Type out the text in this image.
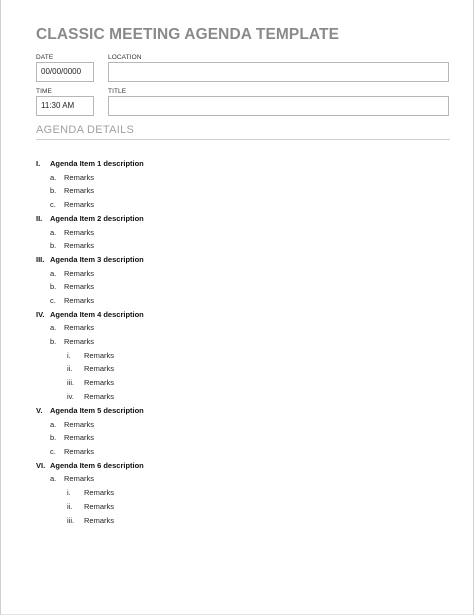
CLASSIC MEETING AGENDA TEMPLATE
DATE
00/00/0000
LOCATION
TIME
11:30 AM
TITLE
AGENDA DETAILS
I. Agenda Item 1 description
a. Remarks
b. Remarks
c. Remarks
II. Agenda Item 2 description
a. Remarks
b. Remarks
III. Agenda Item 3 description
a. Remarks
b. Remarks
c. Remarks
IV. Agenda Item 4 description
a. Remarks
b. Remarks
i. Remarks
ii. Remarks
iii. Remarks
iv. Remarks
V. Agenda Item 5 description
a. Remarks
b. Remarks
c. Remarks
VI. Agenda Item 6 description
a. Remarks
i. Remarks
ii. Remarks
iii. Remarks
